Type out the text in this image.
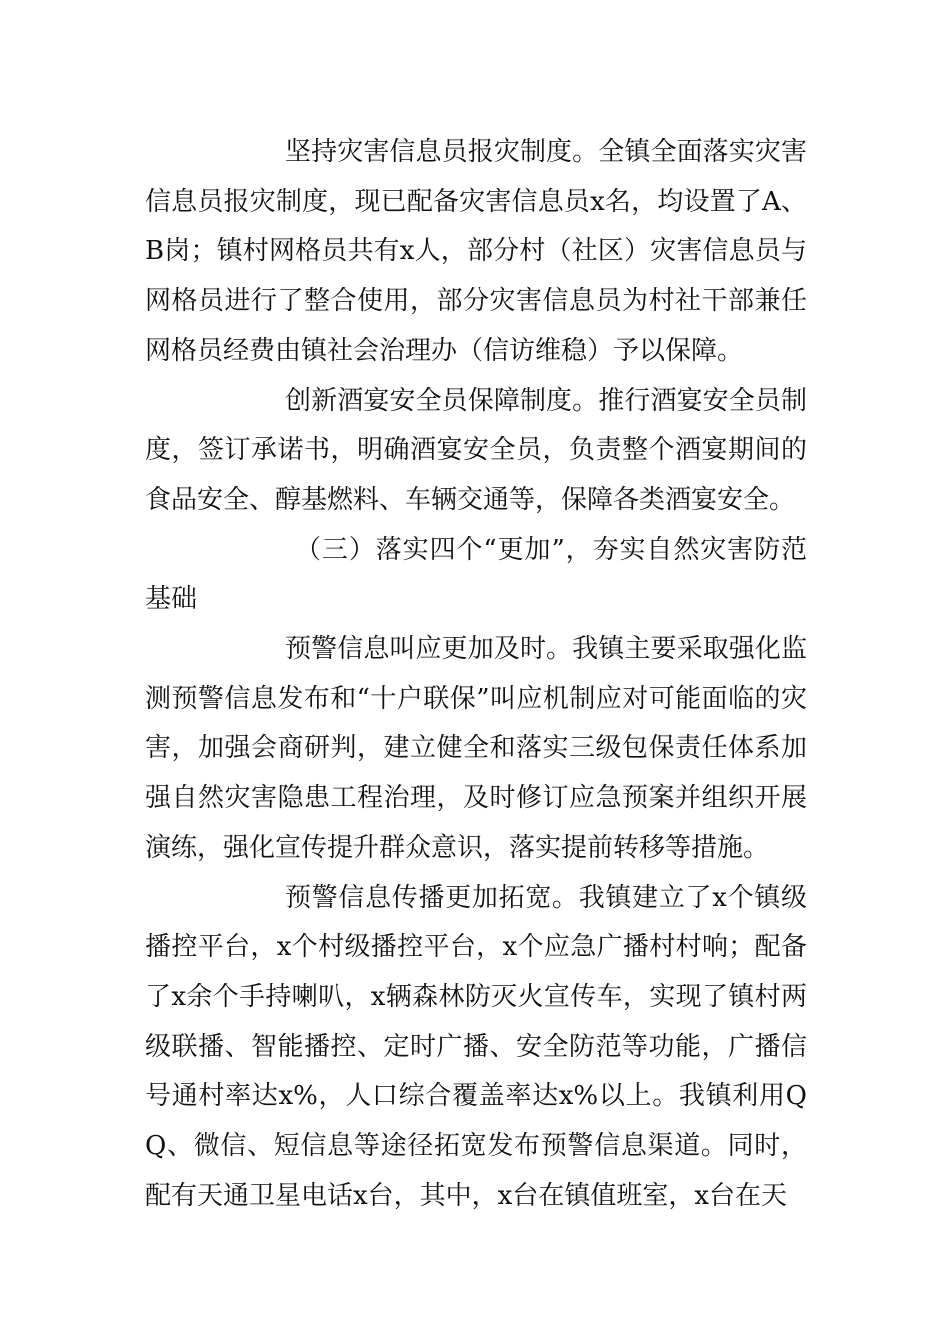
坚持灾害信息员报灾制度。全镇全面落实灾害信息员报灾制度，现已配备灾害信息员x名，均设置了A、B岗；镇村网格员共有x人，部分村（社区）灾害信息员与网格员进行了整合使用，部分灾害信息员为村社干部兼任网格员经费由镇社会治理办（信访维稳）予以保障。

创新酒宴安全员保障制度。推行酒宴安全员制度，签订承诺书，明确酒宴安全员，负责整个酒宴期间的食品安全、醇基燃料、车辆交通等，保障各类酒宴安全。

（三）落实四个“更加”，夯实自然灾害防范基础

预警信息叫应更加及时。我镇主要采取强化监测预警信息发布和“十户联保”叫应机制应对可能面临的灾害，加强会商研判，建立健全和落实三级包保责任体系加强自然灾害隐患工程治理，及时修订应急预案并组织开展演练，强化宣传提升群众意识，落实提前转移等措施。

预警信息传播更加拓宽。我镇建立了x个镇级播控平台，x个村级播控平台，x个应急广播村村响；配备了x余个手持喇叭，x辆森林防灭火宣传车，实现了镇村两级联播、智能播控、定时广播、安全防范等功能，广播信号通村率达x%，人口综合覆盖率达x%以上。我镇利用QQ、微信、短信息等途径拓宽发布预警信息渠道。同时，配有天通卫星电话x台，其中，x台在镇值班室，x台在天
